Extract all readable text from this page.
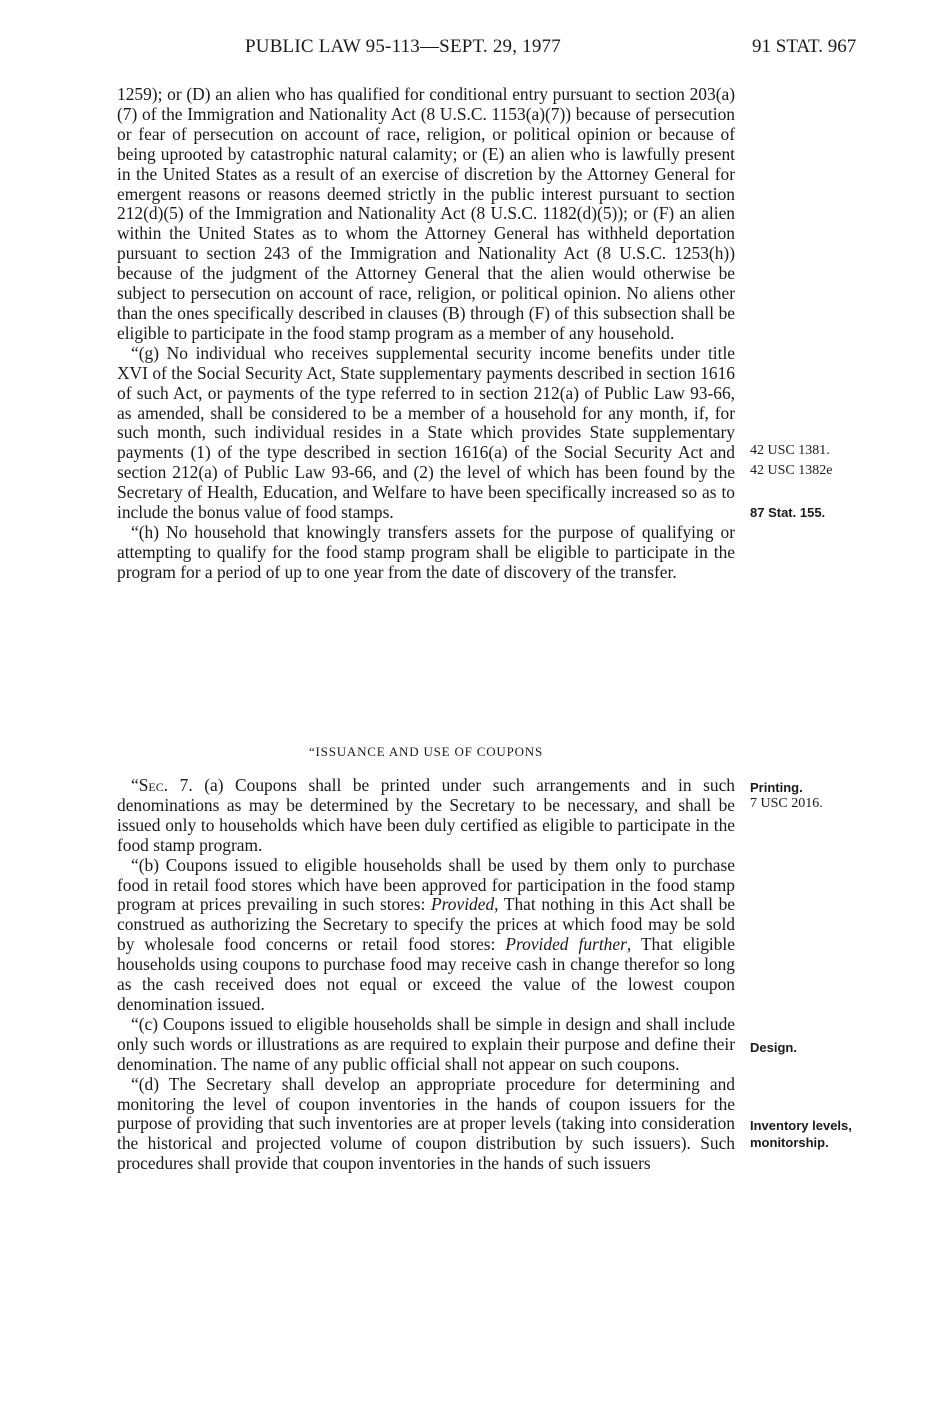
PUBLIC LAW 95-113—SEPT. 29, 1977	91 STAT. 967

1259); or (D) an alien who has qualified for conditional entry pursuant to section 203(a)(7) of the Immigration and Nationality Act (8 U.S.C. 1153(a)(7)) because of persecution or fear of persecution on account of race, religion, or political opinion or because of being uprooted by catastrophic natural calamity; or (E) an alien who is lawfully present in the United States as a result of an exercise of discretion by the Attorney General for emergent reasons or reasons deemed strictly in the public interest pursuant to section 212(d)(5) of the Immigration and Nationality Act (8 U.S.C. 1182(d)(5)); or (F) an alien within the United States as to whom the Attorney General has withheld deportation pursuant to section 243 of the Immigration and Nationality Act (8 U.S.C. 1253(h)) because of the judgment of the Attorney General that the alien would otherwise be subject to persecution on account of race, religion, or political opinion. No aliens other than the ones specifically described in clauses (B) through (F) of this subsection shall be eligible to participate in the food stamp program as a member of any household.

“(g) No individual who receives supplemental security income benefits under title XVI of the Social Security Act, State supplementary payments described in section 1616 of such Act, or payments of the type referred to in section 212(a) of Public Law 93-66, as amended, shall be considered to be a member of a household for any month, if, for such month, such individual resides in a State which provides State supplementary payments (1) of the type described in section 1616(a) of the Social Security Act and section 212(a) of Public Law 93-66, and (2) the level of which has been found by the Secretary of Health, Education, and Welfare to have been specifically increased so as to include the bonus value of food stamps.

“(h) No household that knowingly transfers assets for the purpose of qualifying or attempting to qualify for the food stamp program shall be eligible to participate in the program for a period of up to one year from the date of discovery of the transfer.

“ISSUANCE AND USE OF COUPONS

“Sec. 7. (a) Coupons shall be printed under such arrangements and in such denominations as may be determined by the Secretary to be necessary, and shall be issued only to households which have been duly certified as eligible to participate in the food stamp program.

“(b) Coupons issued to eligible households shall be used by them only to purchase food in retail food stores which have been approved for participation in the food stamp program at prices prevailing in such stores: Provided, That nothing in this Act shall be construed as authorizing the Secretary to specify the prices at which food may be sold by wholesale food concerns or retail food stores: Provided further, That eligible households using coupons to purchase food may receive cash in change therefor so long as the cash received does not equal or exceed the value of the lowest coupon denomination issued.

“(c) Coupons issued to eligible households shall be simple in design and shall include only such words or illustrations as are required to explain their purpose and define their denomination. The name of any public official shall not appear on such coupons.

“(d) The Secretary shall develop an appropriate procedure for determining and monitoring the level of coupon inventories in the hands of coupon issuers for the purpose of providing that such inventories are at proper levels (taking into consideration the historical and projected volume of coupon distribution by such issuers). Such procedures shall provide that coupon inventories in the hands of such issuers

42 USC 1381.
42 USC 1382e
87 Stat. 155.
Printing.
7 USC 2016.
Design.
Inventory levels,
monitorship.
